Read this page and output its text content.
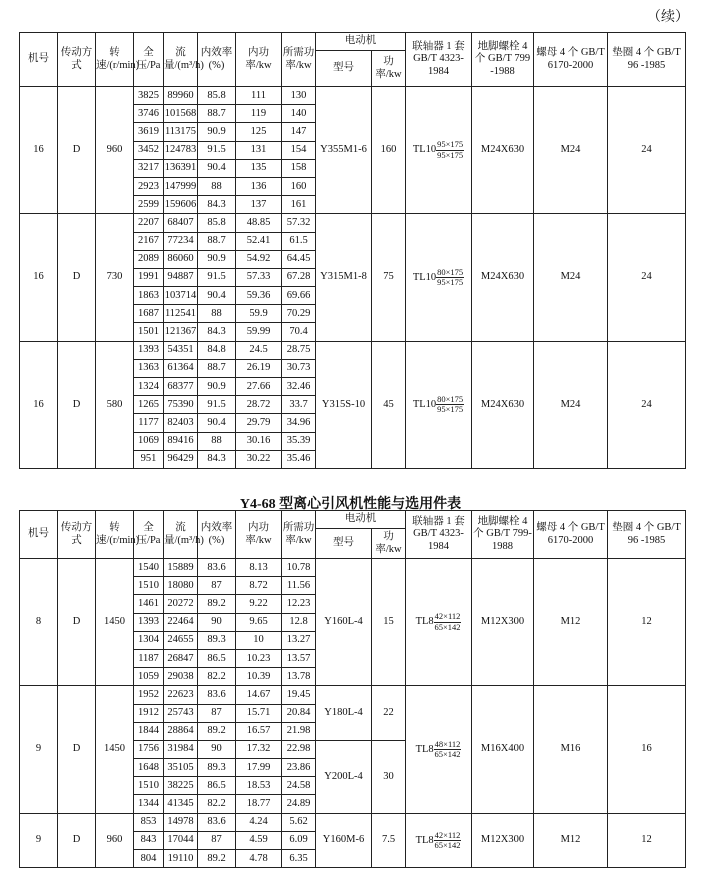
（续）
机号	传动方式	转速/(r/min)	全压/Pa	流量/(m³/h)	内效率(%)	内功率/kw	所需功率/kw	电动机		联轴器 1 套 GB/T 4323-1984	地脚螺栓 4 个 GB/T 799 -1988	螺母 4 个 GB/T 6170-2000	垫圈 4 个 GB/T 96 -1985
								型号	功率/kw				
16	D	960	3825	89960	85.8	111	130	Y355M1-6	160	$TL10 \frac{95\times 175}{95\times 175}$	M24X630	M24	24
			3746	101568	88.7	119	140						
			3619	113175	90.9	125	147						
			3452	124783	91.5	131	154						
			3217	136391	90.4	135	158						
			2923	147999	88	136	160						
			2599	159606	84.3	137	161						
16	D	730	2207	68407	85.8	48.85	57.32	Y315M1-8	75	$TL10 \frac{80\times 175}{95\times 175}$	M24X630	M24	24
			2167	77234	88.7	52.41	61.5						
			2089	86060	90.9	54.92	64.45						
			1991	94887	91.5	57.33	67.28						
			1863	103714	90.4	59.36	69.66						
			1687	112541	88	59.9	70.29						
			1501	121367	84.3	59.99	70.4						
16	D	580	1393	54351	84.8	24.5	28.75	Y315S-10	45	$TL10 \frac{80\times 175}{95\times 175}$	M24X630	M24	24
			1363	61364	88.7	26.19	30.73						
			1324	68377	90.9	27.66	32.46						
			1265	75390	91.5	28.72	33.7						
			1177	82403	90.4	29.79	34.96						
			1069	89416	88	30.16	35.39						
			951	96429	84.3	30.22	35.46						
Y4-68 型离心引风机性能与选用件表
机号	传动方式	转速/(r/min)	全压/Pa	流量/(m³/h)	内效率(%)	内功率/kw	所需功率/kw	电动机		联轴器 1 套 GB/T 4323-1984	地脚螺栓 4 个 GB/T 799-1988	螺母 4 个 GB/T 6170-2000	垫圈 4 个 GB/T 96 -1985
								型号	功率/kw				
8	D	1450	1540	15889	83.6	8.13	10.78	Y160L-4	15	$TL8 \frac{42\times 112}{65\times 142}$	M12X300	M12	12
			1510	18080	87	8.72	11.56						
			1461	20272	89.2	9.22	12.23						
			1393	22464	90	9.65	12.8						
			1304	24655	89.3	10	13.27						
			1187	26847	86.5	10.23	13.57						
			1059	29038	82.2	10.39	13.78						
9	D	1450	1952	22623	83.6	14.67	19.45	Y180L-4	22	$TL8 \frac{48\times 112}{65\times 142}$	M16X400	M16	16
			1912	25743	87	15.71	20.84						
			1844	28864	89.2	16.57	21.98						
			1756	31984	90	17.32	22.98	Y200L-4	30				
			1648	35105	89.3	17.99	23.86						
			1510	38225	86.5	18.53	24.58						
			1344	41345	82.2	18.77	24.89						
9	D	960	853	14978	83.6	4.24	5.62	Y160M-6	7.5	$TL8 \frac{42\times 112}{65\times 142}$	M12X300	M12	12
			843	17044	87	4.59	6.09						
			804	19110	89.2	4.78	6.35						
